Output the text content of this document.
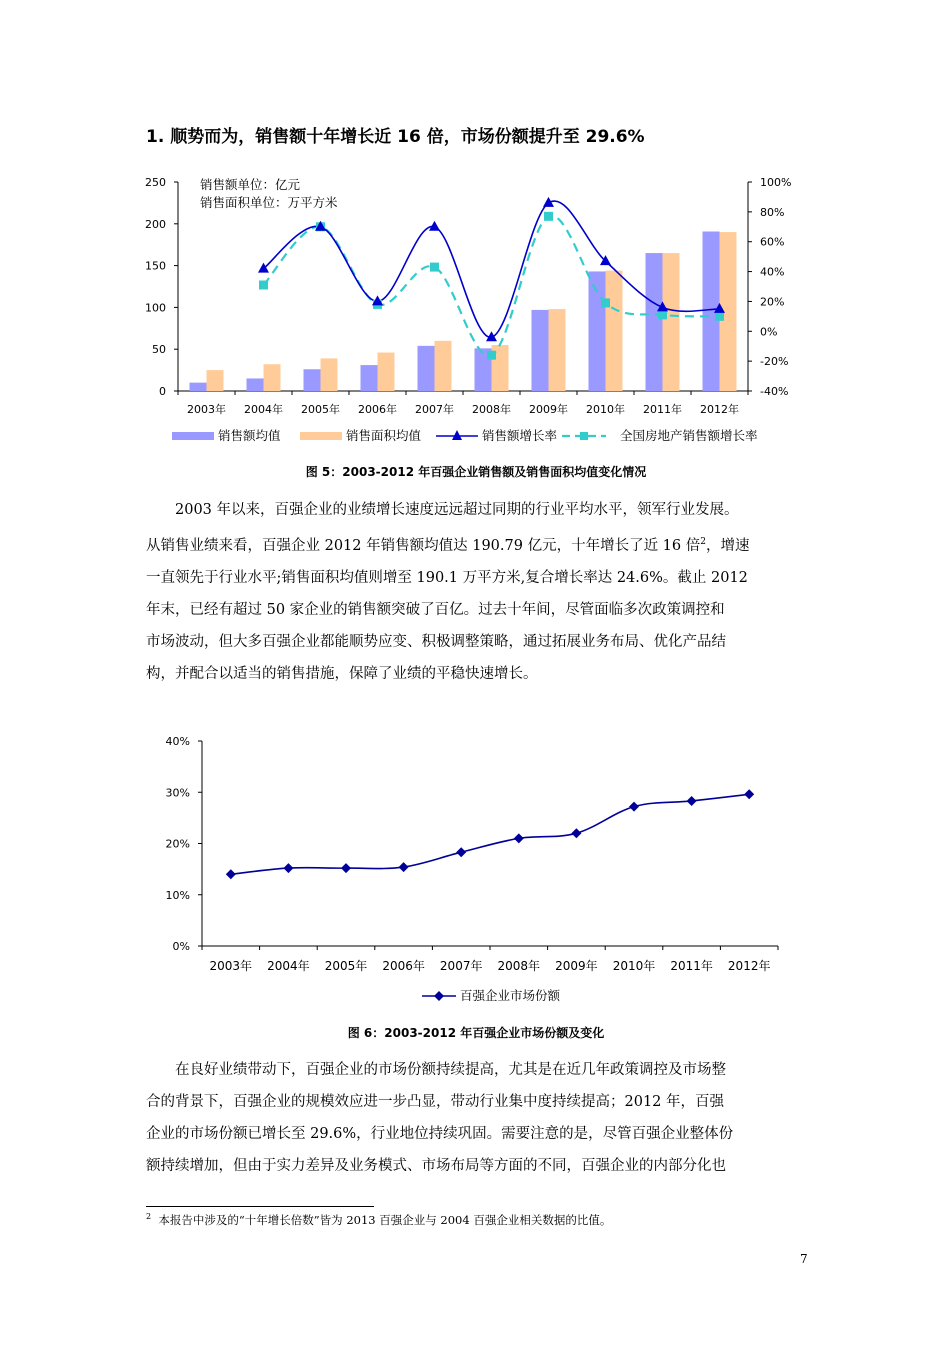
1. 顺势而为，销售额十年增长近 16 倍，市场份额提升至 29.6%
0
50
100
150
200
250
-40%
-20%
0%
20%
40%
60%
80%
100%
2003年 2004年 2005年 2006年 2007年 2008年 2009年 2010年 2011年 2012年
销售额单位：亿元
销售面积单位：万平方米
销售额均值	销售面积均值	销售额增长率	全国房地产销售额增长率
图 5：2003-2012 年百强企业销售额及销售面积均值变化情况

2003 年以来，百强企业的业绩增长速度远远超过同期的行业平均水平，领军行业发展。

从销售业绩来看，百强企业 2012 年销售额均值达 190.79 亿元，十年增长了近 16 倍$^2$，增速

一直领先于行业水平;销售面积均值则增至 190.1 万平方米,复合增长率达 24.6%。截止 2012

年末，已经有超过 50 家企业的销售额突破了百亿。过去十年间，尽管面临多次政策调控和

市场波动，但大多百强企业都能顺势应变、积极调整策略，通过拓展业务布局、优化产品结

构，并配合以适当的销售措施，保障了业绩的平稳快速增长。

0%
10%
20%
30%
40%
2003年 2004年 2005年 2006年 2007年 2008年 2009年 2010年 2011年 2012年
百强企业市场份额
图 6：2003-2012 年百强企业市场份额及变化

在良好业绩带动下，百强企业的市场份额持续提高，尤其是在近几年政策调控及市场整

合的背景下，百强企业的规模效应进一步凸显，带动行业集中度持续提高；2012 年，百强

企业的市场份额已增长至 29.6%，行业地位持续巩固。需要注意的是，尽管百强企业整体份

额持续增加，但由于实力差异及业务模式、市场布局等方面的不同，百强企业的内部分化也

$^2$ 本报告中涉及的“十年增长倍数”皆为 2013 百强企业与 2004 百强企业相关数据的比值。
7
